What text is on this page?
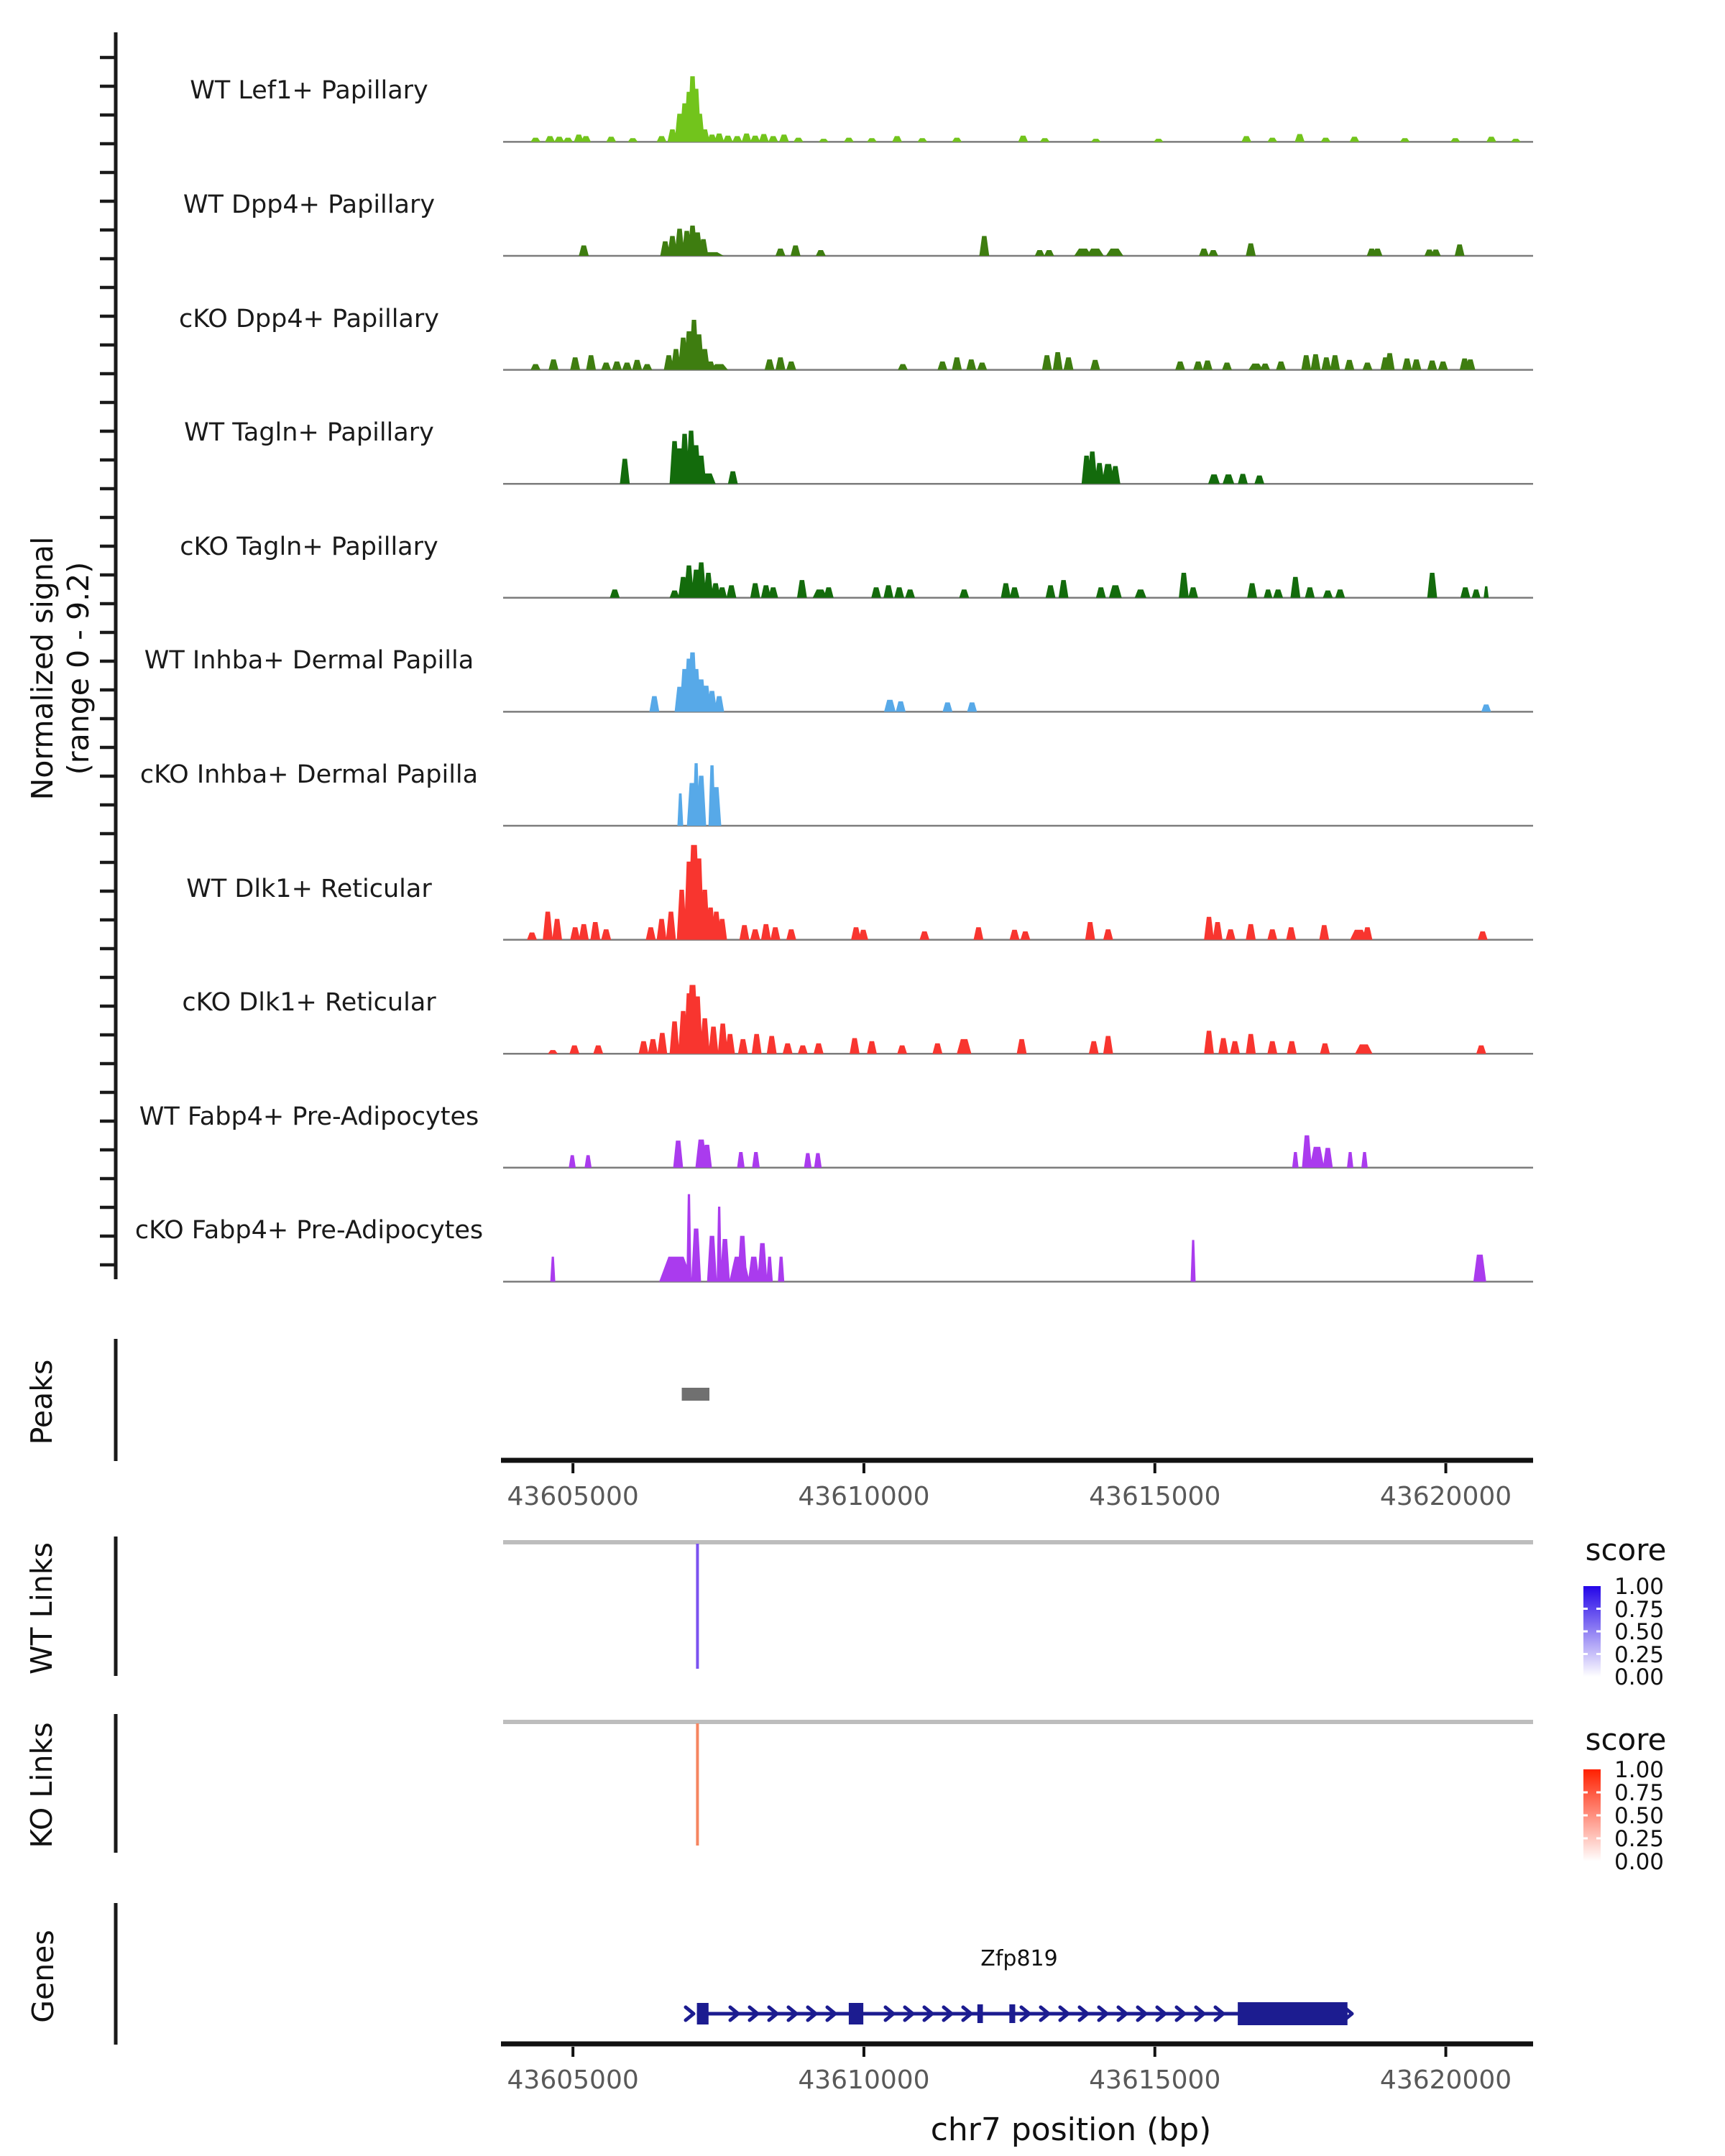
Normalized signal (range 0 - 9.2)
WT Lef1+ Papillary
WT Dpp4+ Papillary
cKO Dpp4+ Papillary
WT Tagln+ Papillary
cKO Tagln+ Papillary
WT Inhba+ Dermal Papilla
cKO Inhba+ Dermal Papilla
WT Dlk1+ Reticular
cKO Dlk1+ Reticular
WT Fabp4+ Pre-Adipocytes
cKO Fabp4+ Pre-Adipocytes
Peaks
WT Links
KO Links
Genes
43605000	43610000	43615000	43620000
43605000	43610000	43615000	43620000
chr7 position (bp)
score
1.00
0.75
0.50
0.25
0.00
score
1.00
0.75
0.50
0.25
0.00
Zfp819
